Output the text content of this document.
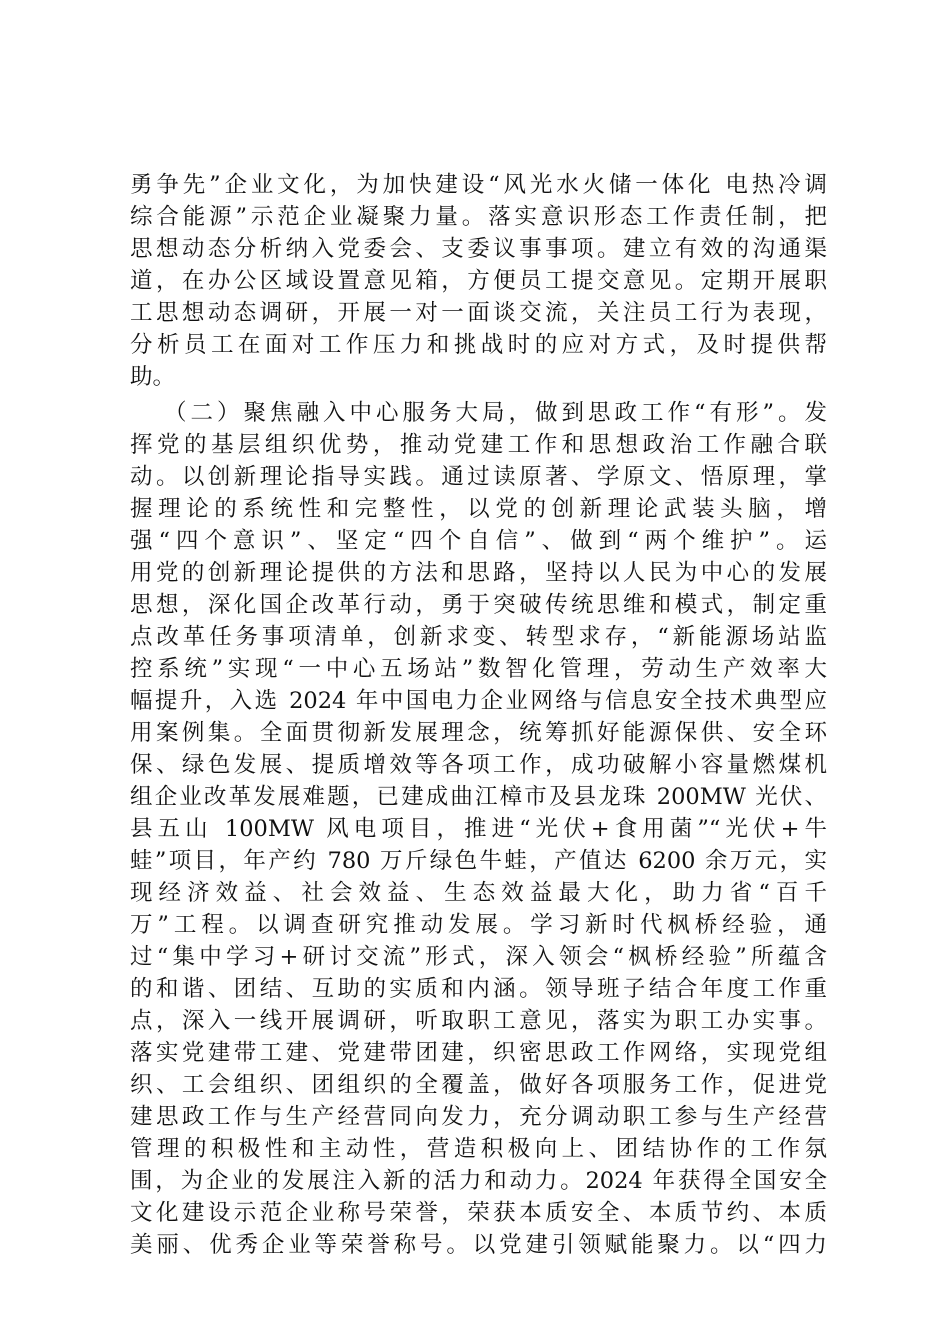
勇争先”企业文化，为加快建设“风光水火储一体化 电热冷调
综合能源”示范企业凝聚力量。落实意识形态工作责任制，把
思想动态分析纳入党委会、支委议事事项。建立有效的沟通渠
道，在办公区域设置意见箱，方便员工提交意见。定期开展职
工思想动态调研，开展一对一面谈交流，关注员工行为表现，
分析员工在面对工作压力和挑战时的应对方式，及时提供帮
助。
（二）聚焦融入中心服务大局，做到思政工作“有形”。发
挥党的基层组织优势，推动党建工作和思想政治工作融合联
动。以创新理论指导实践。通过读原著、学原文、悟原理，掌
握理论的系统性和完整性，以党的创新理论武装头脑，增
强“四个意识”、坚定“四个自信”、做到“两个维护”。运
用党的创新理论提供的方法和思路，坚持以人民为中心的发展
思想，深化国企改革行动，勇于突破传统思维和模式，制定重
点改革任务事项清单，创新求变、转型求存，“新能源场站监
控系统”实现“一中心五场站”数智化管理，劳动生产效率大
幅提升，入选 2024 年中国电力企业网络与信息安全技术典型应
用案例集。全面贯彻新发展理念，统筹抓好能源保供、安全环
保、绿色发展、提质增效等各项工作，成功破解小容量燃煤机
组企业改革发展难题，已建成曲江樟市及县龙珠 200MW 光伏、
县五山 100MW 风电项目，推进“光伏+食用菌”“光伏+牛
蛙”项目，年产约 780 万斤绿色牛蛙，产值达 6200 余万元，实
现经济效益、社会效益、生态效益最大化，助力省“百千
万”工程。以调查研究推动发展。学习新时代枫桥经验，通
过“集中学习+研讨交流”形式，深入领会“枫桥经验”所蕴含
的和谐、团结、互助的实质和内涵。领导班子结合年度工作重
点，深入一线开展调研，听取职工意见，落实为职工办实事。
落实党建带工建、党建带团建，织密思政工作网络，实现党组
织、工会组织、团组织的全覆盖，做好各项服务工作，促进党
建思政工作与生产经营同向发力，充分调动职工参与生产经营
管理的积极性和主动性，营造积极向上、团结协作的工作氛
围，为企业的发展注入新的活力和动力。2024 年获得全国安全
文化建设示范企业称号荣誉，荣获本质安全、本质节约、本质
美丽、优秀企业等荣誉称号。以党建引领赋能聚力。以“四力
